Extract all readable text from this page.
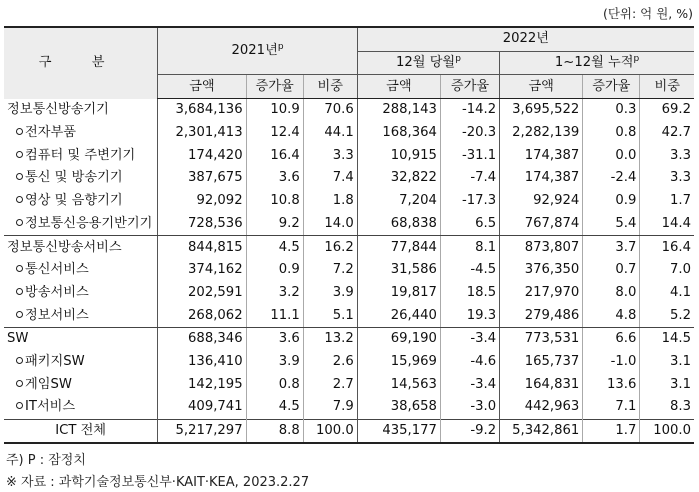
(단위: 억 원, %)
구 분	2021년$^p$			2022년				
				12월 당월$^p$		1~12월 누적$^p$
	금액	증가율	비중	금액	증가율	금액	증가율	비중
정보통신방송기기	3,684,136	10.9	70.6	288,143	-14.2	3,695,522	0.3	69.2
전자부품	2,301,413	12.4	44.1	168,364	-20.3	2,282,139	0.8	42.7
컴퓨터 및 주변기기	174,420	16.4	3.3	10,915	-31.1	174,387	0.0	3.3
통신 및 방송기기	387,675	3.6	7.4	32,822	-7.4	174,387	-2.4	3.3
영상 및 음향기기	92,092	10.8	1.8	7,204	-17.3	92,924	0.9	1.7
정보통신응용기반기기	728,536	9.2	14.0	68,838	6.5	767,874	5.4	14.4
정보통신방송서비스	844,815	4.5	16.2	77,844	8.1	873,807	3.7	16.4
통신서비스	374,162	0.9	7.2	31,586	-4.5	376,350	0.7	7.0
방송서비스	202,591	3.2	3.9	19,817	18.5	217,970	8.0	4.1
정보서비스	268,062	11.1	5.1	26,440	19.3	279,486	4.8	5.2
SW	688,346	3.6	13.2	69,190	-3.4	773,531	6.6	14.5
패키지SW	136,410	3.9	2.6	15,969	-4.6	165,737	-1.0	3.1
게임SW	142,195	0.8	2.7	14,563	-3.4	164,831	13.6	3.1
IT서비스	409,741	4.5	7.9	38,658	-3.0	442,963	7.1	8.3
ICT 전체	5,217,297	8.8	100.0	435,177	-9.2	5,342,861	1.7	100.0
주) P : 잠정치
※ 자료 : 과학기술정보통신부·KAIT·KEA, 2023.2.27
